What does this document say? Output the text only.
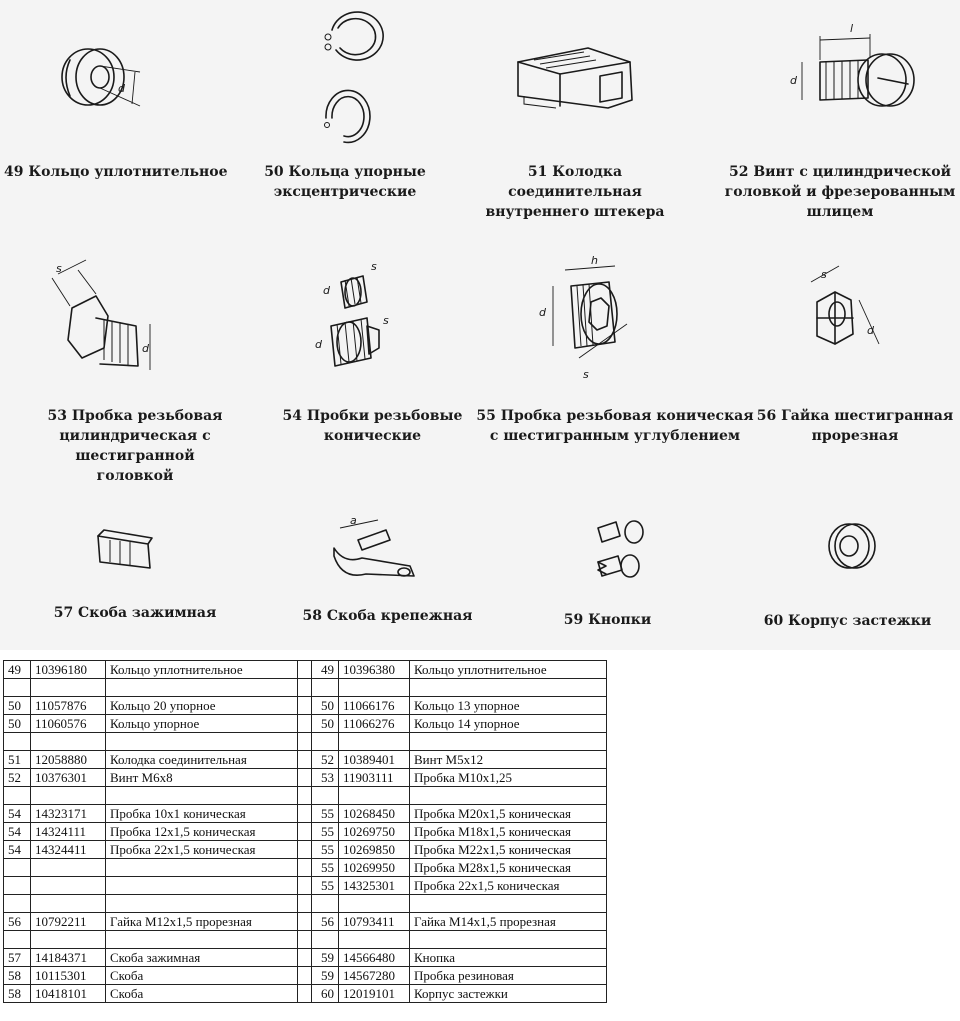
d
49 Кольцо уплотнительное	50 Кольца упорные
эксцентрические
51 Колодка соединительная
внутреннего штекера
l
d
52 Винт с цилиндрической
головкой и фрезерованным
шлицем
s
d
53 Пробка резьбовая
цилиндрическая с шестигранной
головкой
d
s
d
s
54 Пробки резьбовые
конические
h
d
s
55 Пробка резьбовая коническая
с шестигранным углублением
s
d
56 Гайка шестигранная
прорезная
57 Скоба зажимная
a
58 Скоба крепежная	59 Кнопки	60 Корпус застежки
49	10396180	Кольцо уплотнительное		49	10396380	Кольцо уплотнительное

50	11057876	Кольцо 20 упорное		50	11066176	Кольцо 13 упорное
50	11060576	Кольцо упорное		50	11066276	Кольцо 14 упорное

51	12058880	Колодка соединительная		52	10389401	Винт М5х12
52	10376301	Винт М6х8		53	11903111	Пробка М10х1,25

54	14323171	Пробка 10х1 коническая		55	10268450	Пробка М20х1,5 коническая
54	14324111	Пробка 12х1,5 коническая		55	10269750	Пробка М18х1,5 коническая
54	14324411	Пробка 22х1,5 коническая		55	10269850	Пробка М22х1,5 коническая
				55	10269950	Пробка М28х1,5 коническая
				55	14325301	Пробка 22х1,5 коническая

56	10792211	Гайка М12х1,5 прорезная		56	10793411	Гайка М14х1,5 прорезная

57	14184371	Скоба зажимная		59	14566480	Кнопка
58	10115301	Скоба		59	14567280	Пробка резиновая
58	10418101	Скоба		60	12019101	Корпус застежки
